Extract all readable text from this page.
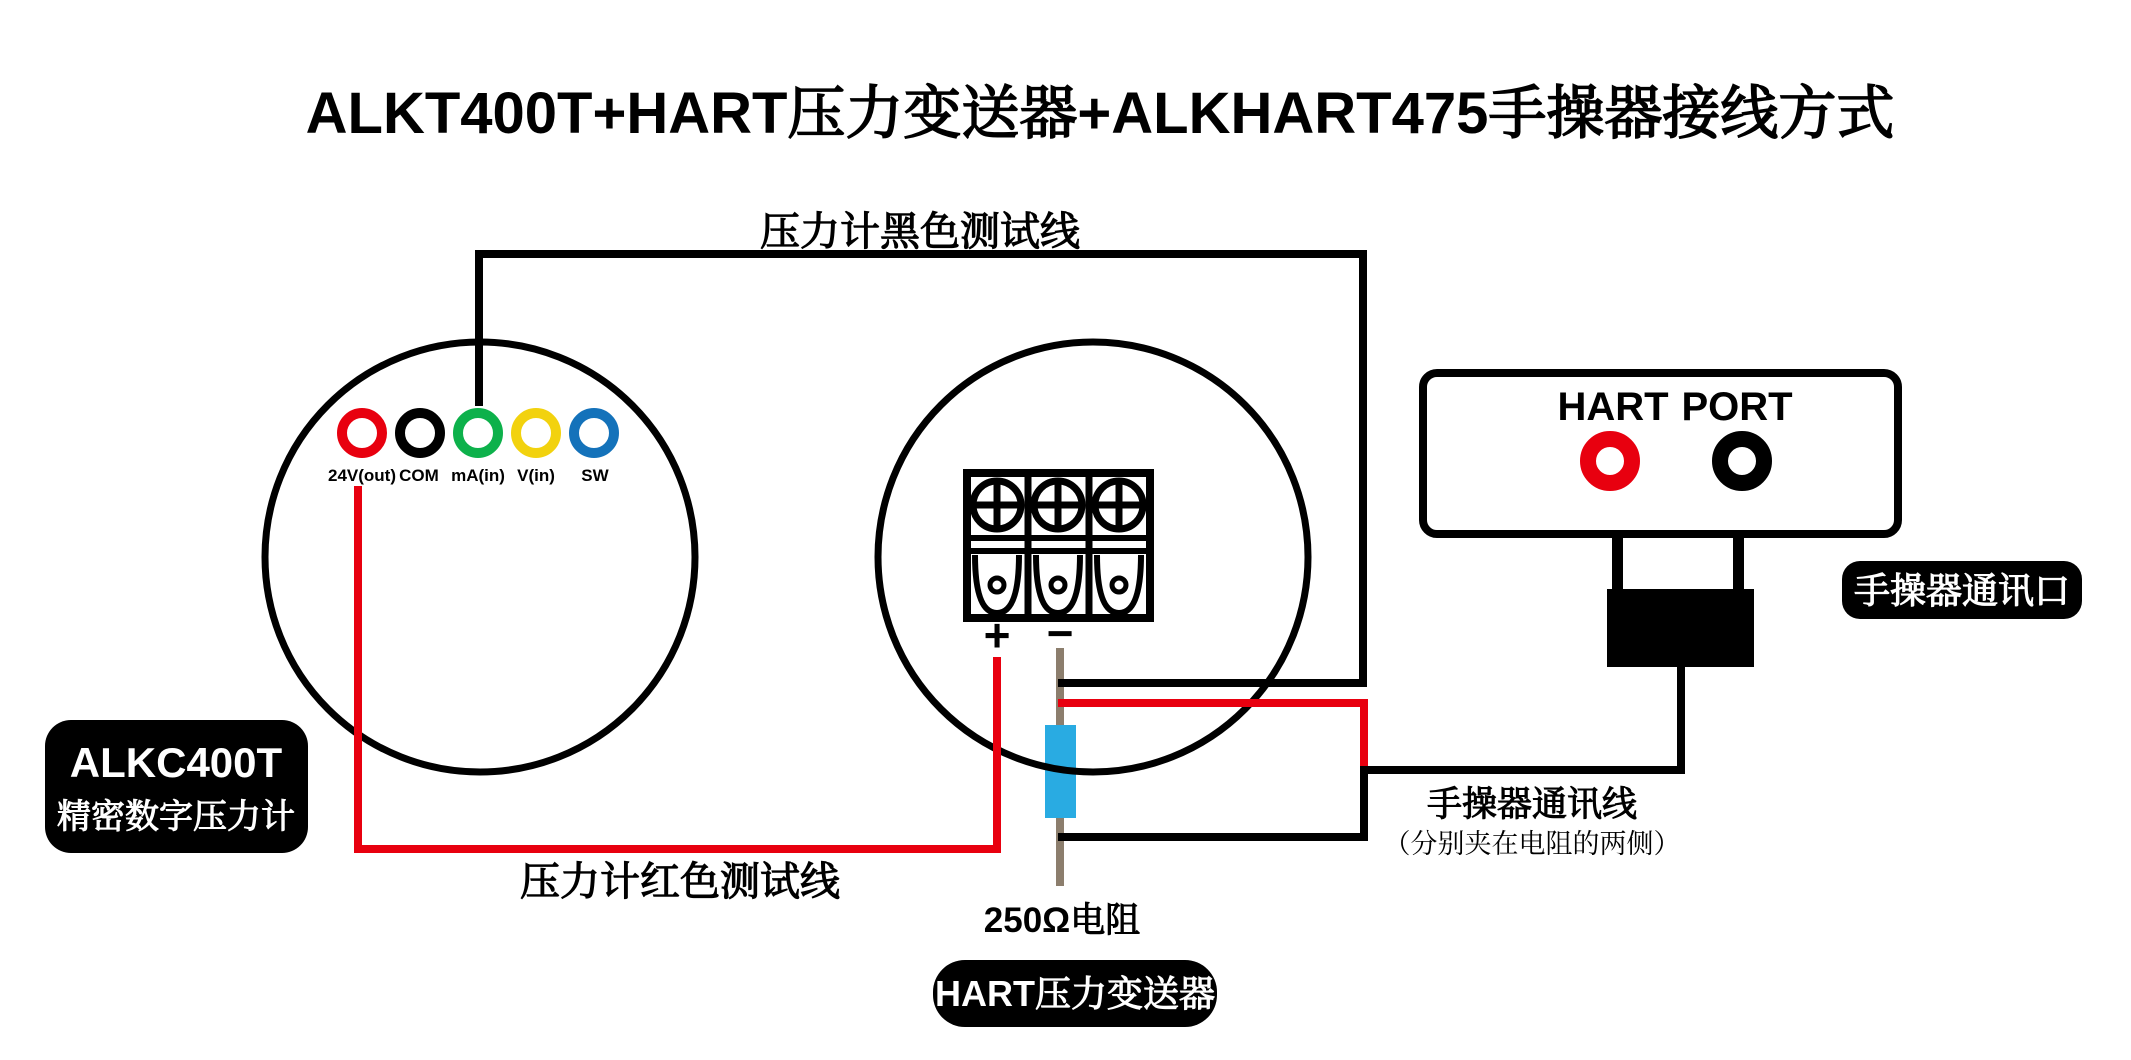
ALKT400T+HART压力变送器+ALKHART475手操器接线方式
24V(out) COM mA(in) V(in) SW
+ −
HART PORT
ALKC400T
精密数字压力计
HART压力变送器
手操器通讯口
压力计黑色测试线
压力计红色测试线
250Ω电阻
手操器通讯线
（分别夹在电阻的两侧）
